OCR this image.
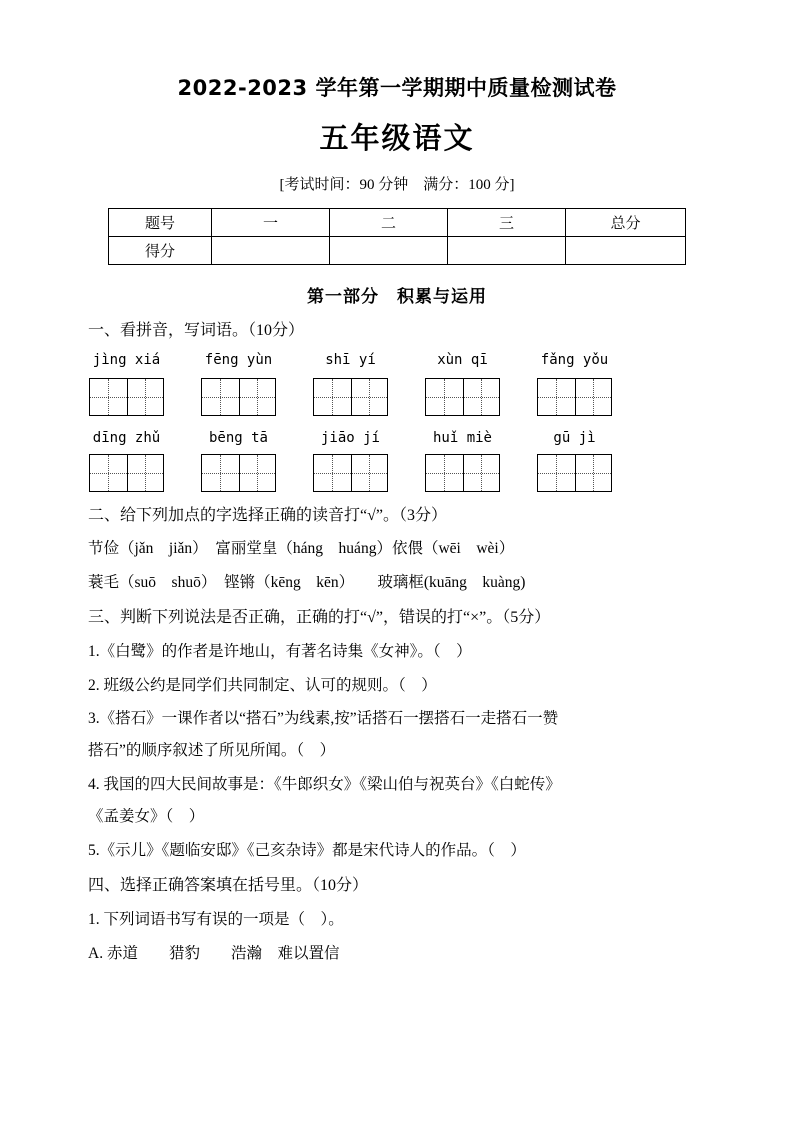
2022-2023 学年第一学期期中质量检测试卷
五年级语文

[考试时间：90 分钟　满分：100 分]

题号	一	二	三	总分
得分				

第一部分　积累与运用

一、看拼音，写词语。（10分）

jìng xiá	fēng yùn	shī yí	xùn qī	fǎng yǒu
dīng zhǔ	bēng tā	jiāo jí	huǐ miè	gū jì

二、给下列加点的字选择正确的读音打“√”。（3分）

节俭（jǎn　jiǎn）　富丽堂皇（háng　huáng）依偎（wēi　wèi）

蓑毛（suō　shuō）　铿锵（kēng　kēn）　　玻璃框(kuāng　kuàng)

三、判断下列说法是否正确，正确的打“√”，错误的打“×”。（5分）

1.《白鹭》的作者是许地山，有著名诗集《女神》。（　）

2. 班级公约是同学们共同制定、认可的规则。（　）

3.《搭石》一课作者以“搭石”为线素,按”话搭石一摆搭石一走搭石一赞

搭石”的顺序叙述了所见所闻。（　）

4. 我国的四大民间故事是：《牛郎织女》《梁山伯与祝英台》《白蛇传》

《孟姜女》（　）

5.《示儿》《题临安邸》《己亥杂诗》都是宋代诗人的作品。（　）

四、选择正确答案填在括号里。（10分）

1. 下列词语书写有误的一项是（　）。

A. 赤道　　猎豹　　浩瀚　难以置信
